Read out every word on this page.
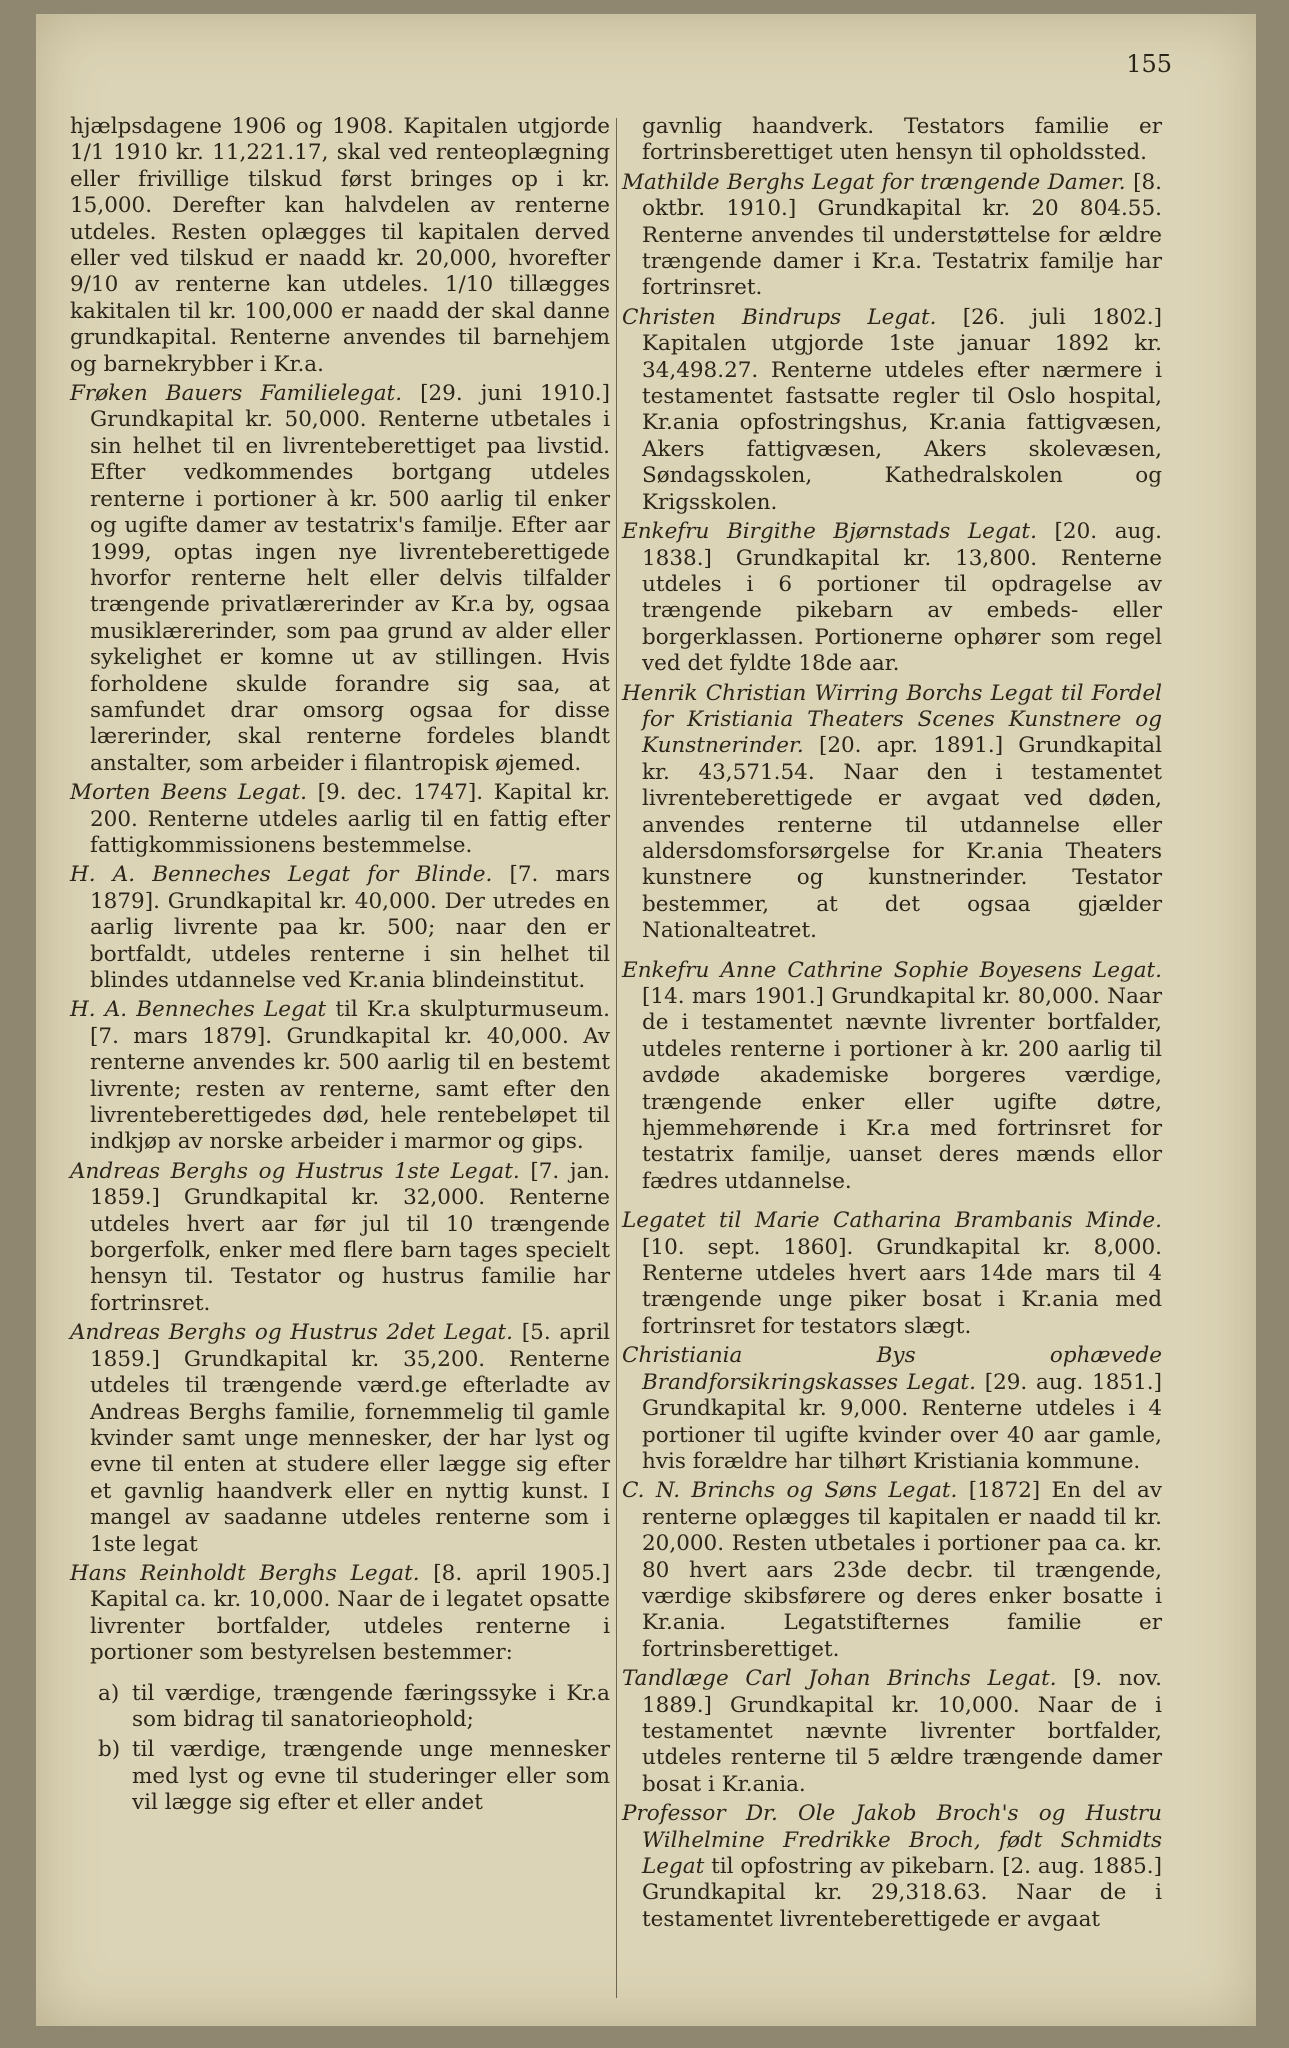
155

hjælpsdagene 1906 og 1908. Kapitalen utgjorde 1/1 1910 kr. 11,221.17, skal ved renteoplægning eller frivillige tilskud først bringes op i kr. 15,000. Derefter kan halvdelen av renterne utdeles. Resten oplægges til kapitalen derved eller ved tilskud er naadd kr. 20,000, hvorefter 9/10 av renterne kan utdeles. 1/10 tillægges kakitalen til kr. 100,000 er naadd der skal danne grundkapital. Renterne anvendes til barnehjem og barnekrybber i Kr.a.

Frøken Bauers Familielegat. [29. juni 1910.] Grundkapital kr. 50,000. Renterne utbetales i sin helhet til en livrenteberettiget paa livstid. Efter vedkommendes bortgang utdeles renterne i portioner à kr. 500 aarlig til enker og ugifte damer av testatrix's familje. Efter aar 1999, optas ingen nye livrenteberettigede hvorfor renterne helt eller delvis tilfalder trængende privatlærerinder av Kr.a by, ogsaa musiklærerinder, som paa grund av alder eller sykelighet er komne ut av stillingen. Hvis forholdene skulde forandre sig saa, at samfundet drar omsorg ogsaa for disse lærerinder, skal renterne fordeles blandt anstalter, som arbeider i filantropisk øjemed.

Morten Beens Legat. [9. dec. 1747]. Kapital kr. 200. Renterne utdeles aarlig til en fattig efter fattigkommissionens bestemmelse.

H. A. Benneches Legat for Blinde. [7. mars 1879]. Grundkapital kr. 40,000. Der utredes en aarlig livrente paa kr. 500; naar den er bortfaldt, utdeles renterne i sin helhet til blindes utdannelse ved Kr.ania blindeinstitut.

H. A. Benneches Legat til Kr.a skulpturmuseum. [7. mars 1879]. Grundkapital kr. 40,000. Av renterne anvendes kr. 500 aarlig til en bestemt livrente; resten av renterne, samt efter den livrenteberettigedes død, hele rentebeløpet til indkjøp av norske arbeider i marmor og gips.

Andreas Berghs og Hustrus 1ste Legat. [7. jan. 1859.] Grundkapital kr. 32,000. Renterne utdeles hvert aar før jul til 10 trængende borgerfolk, enker med flere barn tages specielt hensyn til. Testator og hustrus familie har fortrinsret.

Andreas Berghs og Hustrus 2det Legat. [5. april 1859.] Grundkapital kr. 35,200. Renterne utdeles til trængende værd.ge efterladte av Andreas Berghs familie, fornemmelig til gamle kvinder samt unge mennesker, der har lyst og evne til enten at studere eller lægge sig efter et gavnlig haandverk eller en nyttig kunst. I mangel av saadanne utdeles renterne som i 1ste legat

Hans Reinholdt Berghs Legat. [8. april 1905.] Kapital ca. kr. 10,000. Naar de i legatet opsatte livrenter bortfalder, utdeles renterne i portioner som bestyrelsen bestemmer:

a) til værdige, trængende færingssyke i Kr.a som bidrag til sanatorieophold;
b) til værdige, trængende unge mennesker med lyst og evne til studeringer eller som vil lægge sig efter et eller andet

gavnlig haandverk. Testators familie er fortrinsberettiget uten hensyn til opholdssted.

Mathilde Berghs Legat for trængende Damer. [8. oktbr. 1910.] Grundkapital kr. 20 804.55. Renterne anvendes til understøttelse for ældre trængende damer i Kr.a. Testatrix familje har fortrinsret.

Christen Bindrups Legat. [26. juli 1802.] Kapitalen utgjorde 1ste januar 1892 kr. 34,498.27. Renterne utdeles efter nærmere i testamentet fastsatte regler til Oslo hospital, Kr.ania opfostringshus, Kr.ania fattigvæsen, Akers fattigvæsen, Akers skolevæsen, Søndagsskolen, Kathedralskolen og Krigsskolen.

Enkefru Birgithe Bjørnstads Legat. [20. aug. 1838.] Grundkapital kr. 13,800. Renterne utdeles i 6 portioner til opdragelse av trængende pikebarn av embeds- eller borgerklassen. Portionerne ophører som regel ved det fyldte 18de aar.

Henrik Christian Wirring Borchs Legat til Fordel for Kristiania Theaters Scenes Kunstnere og Kunstnerinder. [20. apr. 1891.] Grundkapital kr. 43,571.54. Naar den i testamentet livrenteberettigede er avgaat ved døden, anvendes renterne til utdannelse eller aldersdomsforsørgelse for Kr.ania Theaters kunstnere og kunstnerinder. Testator bestemmer, at det ogsaa gjælder Nationalteatret.

Enkefru Anne Cathrine Sophie Boyesens Legat. [14. mars 1901.] Grundkapital kr. 80,000. Naar de i testamentet nævnte livrenter bortfalder, utdeles renterne i portioner à kr. 200 aarlig til avdøde akademiske borgeres værdige, trængende enker eller ugifte døtre, hjemmehørende i Kr.a med fortrinsret for testatrix familje, uanset deres mænds ellor fædres utdannelse.

Legatet til Marie Catharina Brambanis Minde. [10. sept. 1860]. Grundkapital kr. 8,000. Renterne utdeles hvert aars 14de mars til 4 trængende unge piker bosat i Kr.ania med fortrinsret for testators slægt.

Christiania Bys ophævede Brandforsikringskasses Legat. [29. aug. 1851.] Grundkapital kr. 9,000. Renterne utdeles i 4 portioner til ugifte kvinder over 40 aar gamle, hvis forældre har tilhørt Kristiania kommune.

C. N. Brinchs og Søns Legat. [1872] En del av renterne oplægges til kapitalen er naadd til kr. 20,000. Resten utbetales i portioner paa ca. kr. 80 hvert aars 23de decbr. til trængende, værdige skibsførere og deres enker bosatte i Kr.ania. Legatstifternes familie er fortrinsberettiget.

Tandlæge Carl Johan Brinchs Legat. [9. nov. 1889.] Grundkapital kr. 10,000. Naar de i testamentet nævnte livrenter bortfalder, utdeles renterne til 5 ældre trængende damer bosat i Kr.ania.

Professor Dr. Ole Jakob Broch's og Hustru Wilhelmine Fredrikke Broch, født Schmidts Legat til opfostring av pikebarn. [2. aug. 1885.] Grundkapital kr. 29,318.63. Naar de i testamentet livrenteberettigede er avgaat
